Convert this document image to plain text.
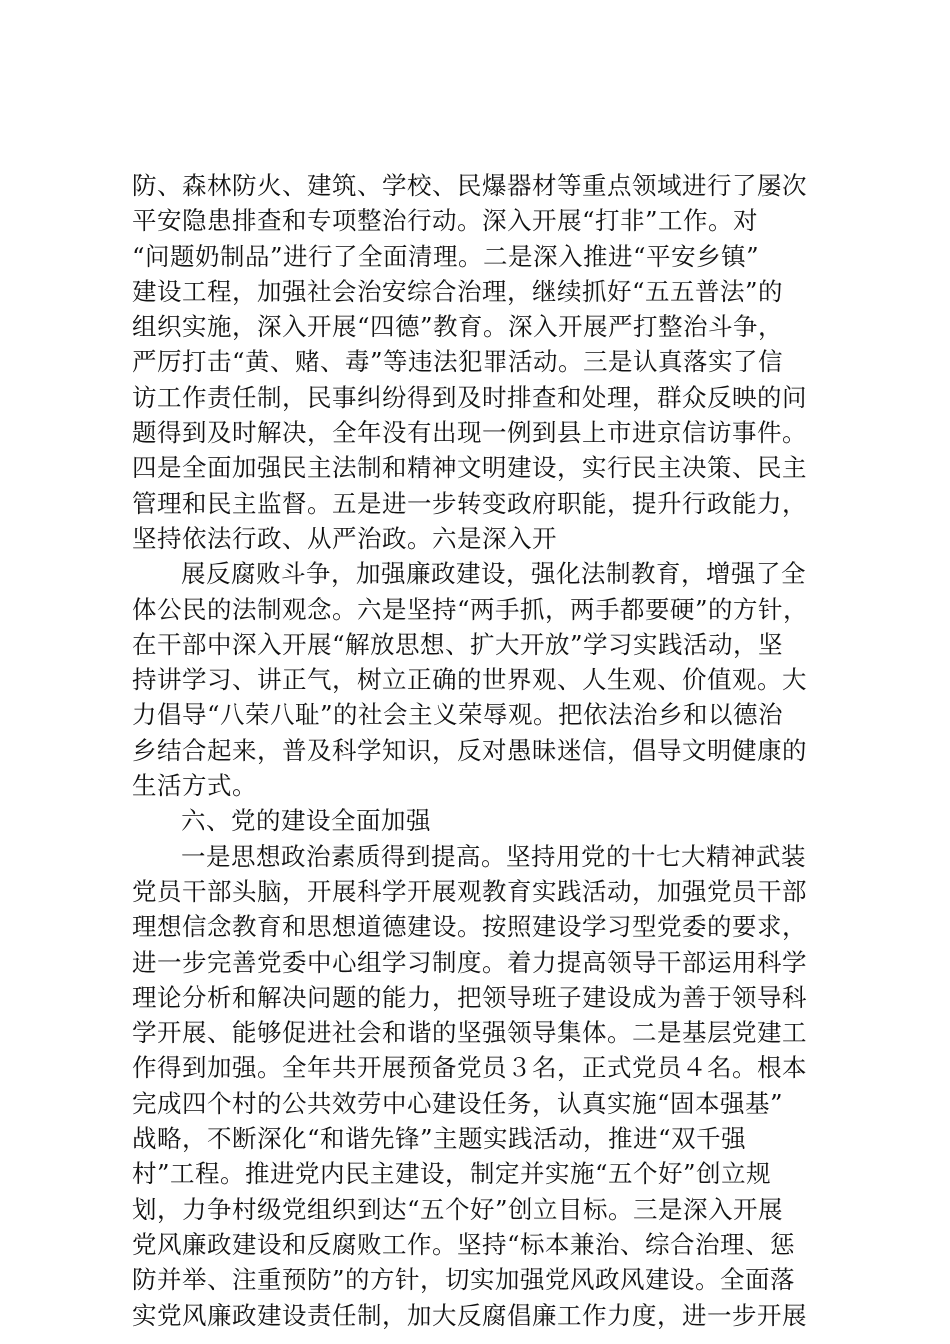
防、森林防火、建筑、学校、民爆器材等重点领域进行了屡次
平安隐患排查和专项整治行动。深入开展“打非”工作。对
“问题奶制品”进行了全面清理。二是深入推进“平安乡镇”
建设工程，加强社会治安综合治理，继续抓好“五五普法”的
组织实施，深入开展“四德”教育。深入开展严打整治斗争，
严厉打击“黄、赌、毒”等违法犯罪活动。三是认真落实了信
访工作责任制，民事纠纷得到及时排查和处理，群众反映的问
题得到及时解决，全年没有出现一例到县上市进京信访事件。
四是全面加强民主法制和精神文明建设，实行民主决策、民主
管理和民主监督。五是进一步转变政府职能，提升行政能力，
坚持依法行政、从严治政。六是深入开
展反腐败斗争，加强廉政建设，强化法制教育，增强了全
体公民的法制观念。六是坚持“两手抓，两手都要硬”的方针，
在干部中深入开展“解放思想、扩大开放”学习实践活动，坚
持讲学习、讲正气，树立正确的世界观、人生观、价值观。大
力倡导“八荣八耻”的社会主义荣辱观。把依法治乡和以德治
乡结合起来，普及科学知识，反对愚昧迷信，倡导文明健康的
生活方式。
六、党的建设全面加强
一是思想政治素质得到提高。坚持用党的十七大精神武装
党员干部头脑，开展科学开展观教育实践活动，加强党员干部
理想信念教育和思想道德建设。按照建设学习型党委的要求，
进一步完善党委中心组学习制度。着力提高领导干部运用科学
理论分析和解决问题的能力，把领导班子建设成为善于领导科
学开展、能够促进社会和谐的坚强领导集体。二是基层党建工
作得到加强。全年共开展预备党员３名，正式党员４名。根本
完成四个村的公共效劳中心建设任务，认真实施“固本强基”
战略，不断深化“和谐先锋”主题实践活动，推进“双千强
村”工程。推进党内民主建设，制定并实施“五个好”创立规
划，力争村级党组织到达“五个好”创立目标。三是深入开展
党风廉政建设和反腐败工作。坚持“标本兼治、综合治理、惩
防并举、注重预防”的方针，切实加强党风政风建设。全面落
实党风廉政建设责任制，加大反腐倡廉工作力度，进一步开展
